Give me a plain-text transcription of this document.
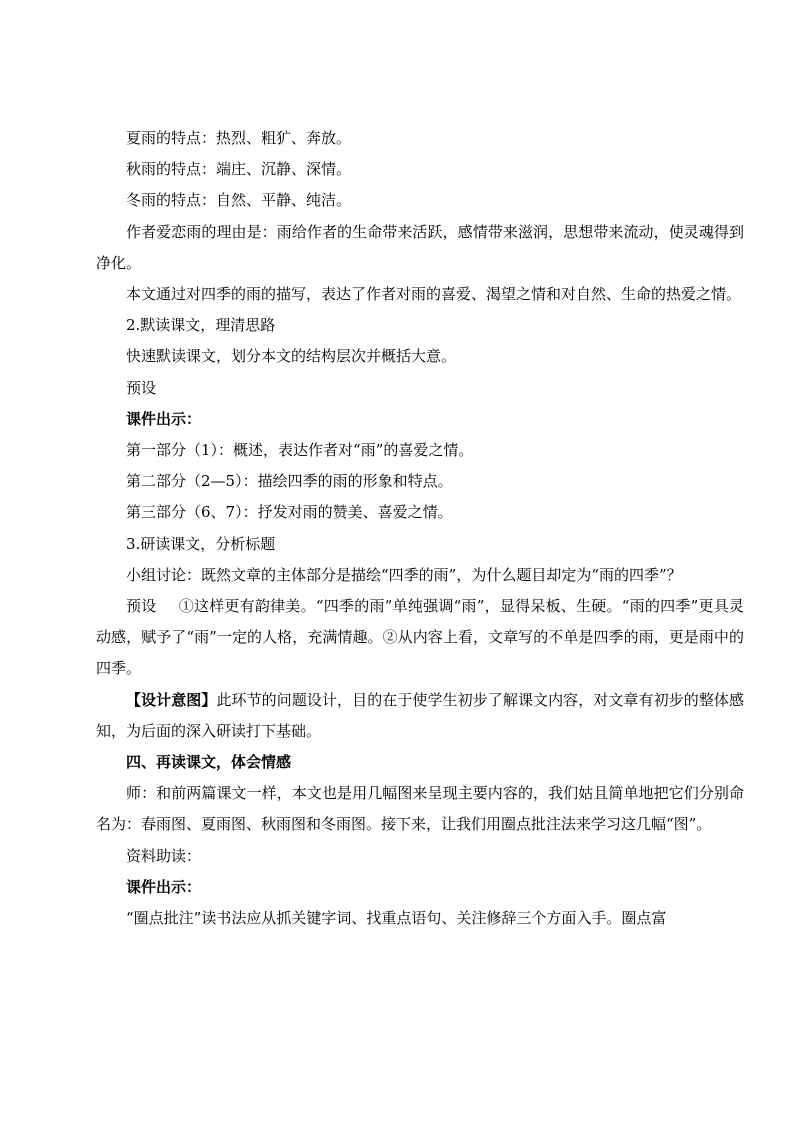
夏雨的特点：热烈、粗犷、奔放。

秋雨的特点：端庄、沉静、深情。

冬雨的特点：自然、平静、纯洁。

作者爱恋雨的理由是：雨给作者的生命带来活跃，感情带来滋润，思想带来流动，使灵魂得到净化。

本文通过对四季的雨的描写，表达了作者对雨的喜爱、渴望之情和对自然、生命的热爱之情。

2.默读课文，理清思路

快速默读课文，划分本文的结构层次并概括大意。

预设

课件出示：

第一部分（1）：概述，表达作者对“雨”的喜爱之情。

第二部分（2—5）：描绘四季的雨的形象和特点。

第三部分（6、7）：抒发对雨的赞美、喜爱之情。

3.研读课文，分析标题

小组讨论：既然文章的主体部分是描绘“四季的雨”，为什么题目却定为“雨的四季”？

预设 ①这样更有韵律美。“四季的雨”单纯强调“雨”，显得呆板、生硬。“雨的四季”更具灵动感，赋予了“雨”一定的人格，充满情趣。②从内容上看，文章写的不单是四季的雨，更是雨中的四季。

【设计意图】此环节的问题设计，目的在于使学生初步了解课文内容，对文章有初步的整体感知，为后面的深入研读打下基础。

四、再读课文，体会情感

师：和前两篇课文一样，本文也是用几幅图来呈现主要内容的，我们姑且简单地把它们分别命名为：春雨图、夏雨图、秋雨图和冬雨图。接下来，让我们用圈点批注法来学习这几幅“图”。

资料助读：

课件出示：

“圈点批注”读书法应从抓关键字词、找重点语句、关注修辞三个方面入手。圈点富
